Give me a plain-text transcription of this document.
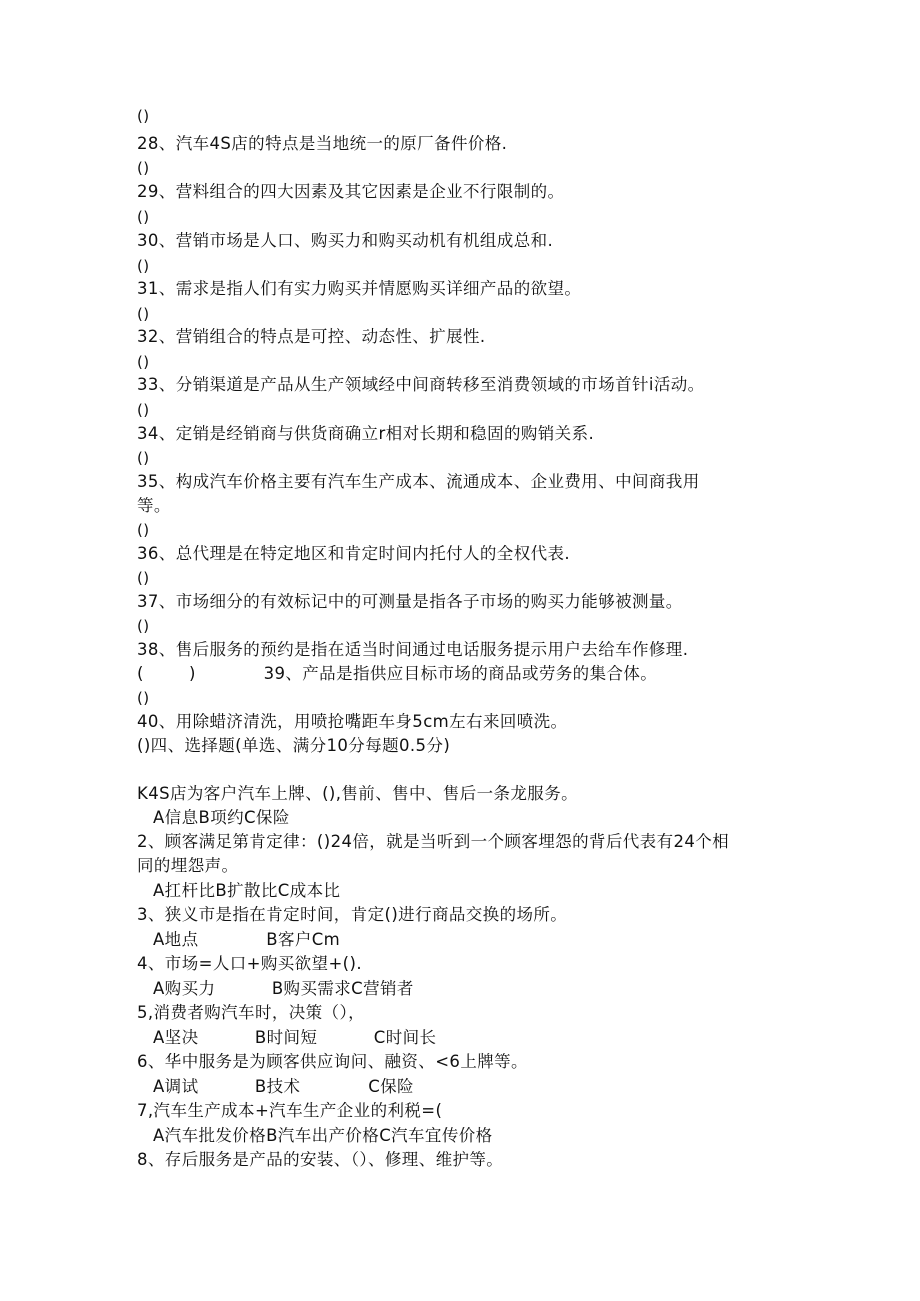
()
28、汽车4S店的特点是当地统一的原厂备件价格.
()
29、营料组合的四大因素及其它因素是企业不行限制的。
()
30、营销市场是人口、购买力和购买动机有机组成总和.
()
31、需求是指人们有实力购买并情愿购买详细产品的欲望。
()
32、营销组合的特点是可控、动态性、扩展性.
()
33、分销渠道是产品从生产领域经中间商转移至消费领域的市场首针i活动。
()
34、定销是经销商与供货商确立r相对长期和稳固的购销关系.
()
35、构成汽车价格主要有汽车生产成本、流通成本、企业费用、中间商我用
等。
()
36、总代理是在特定地区和肯定时间内托付人的全权代表.
()
37、市场细分的有效标记中的可测量是指各子市场的购买力能够被测量。
()
38、售后服务的预约是指在适当时间通过电话服务提示用户去给车作修理.
(        )            39、产品是指供应目标市场的商品或劳务的集合体。
()
40、用除蜡济清洗，用喷抢嘴距车身5cm左右来回喷洗。
()四、选择题(单选、满分10分每题0.5分)
K4S店为客户汽车上牌、(),售前、售中、售后一条龙服务。
A信息B项约C保险
2、顾客满足第肯定律：()24倍，就是当听到一个顾客埋怨的背后代表有24个相
同的埋怨声。
A扛杆比B扩散比C成本比
3、狭义市是指在肯定时间，肯定()进行商品交换的场所。
A地点            B客户Cm
4、市场=人口+购买欲望+().
A购买力          B购买需求C营销者
5,消费者购汽车时，决策（），
A坚决          B时间短          C时间长
6、华中服务是为顾客供应询问、融资、<6上牌等。
A调试          B技术            C保险
7,汽车生产成本+汽车生产企业的利税=(
A汽车批发价格B汽车出产价格C汽车宜传价格
8、存后服务是产品的安装、（）、修理、维护等。
